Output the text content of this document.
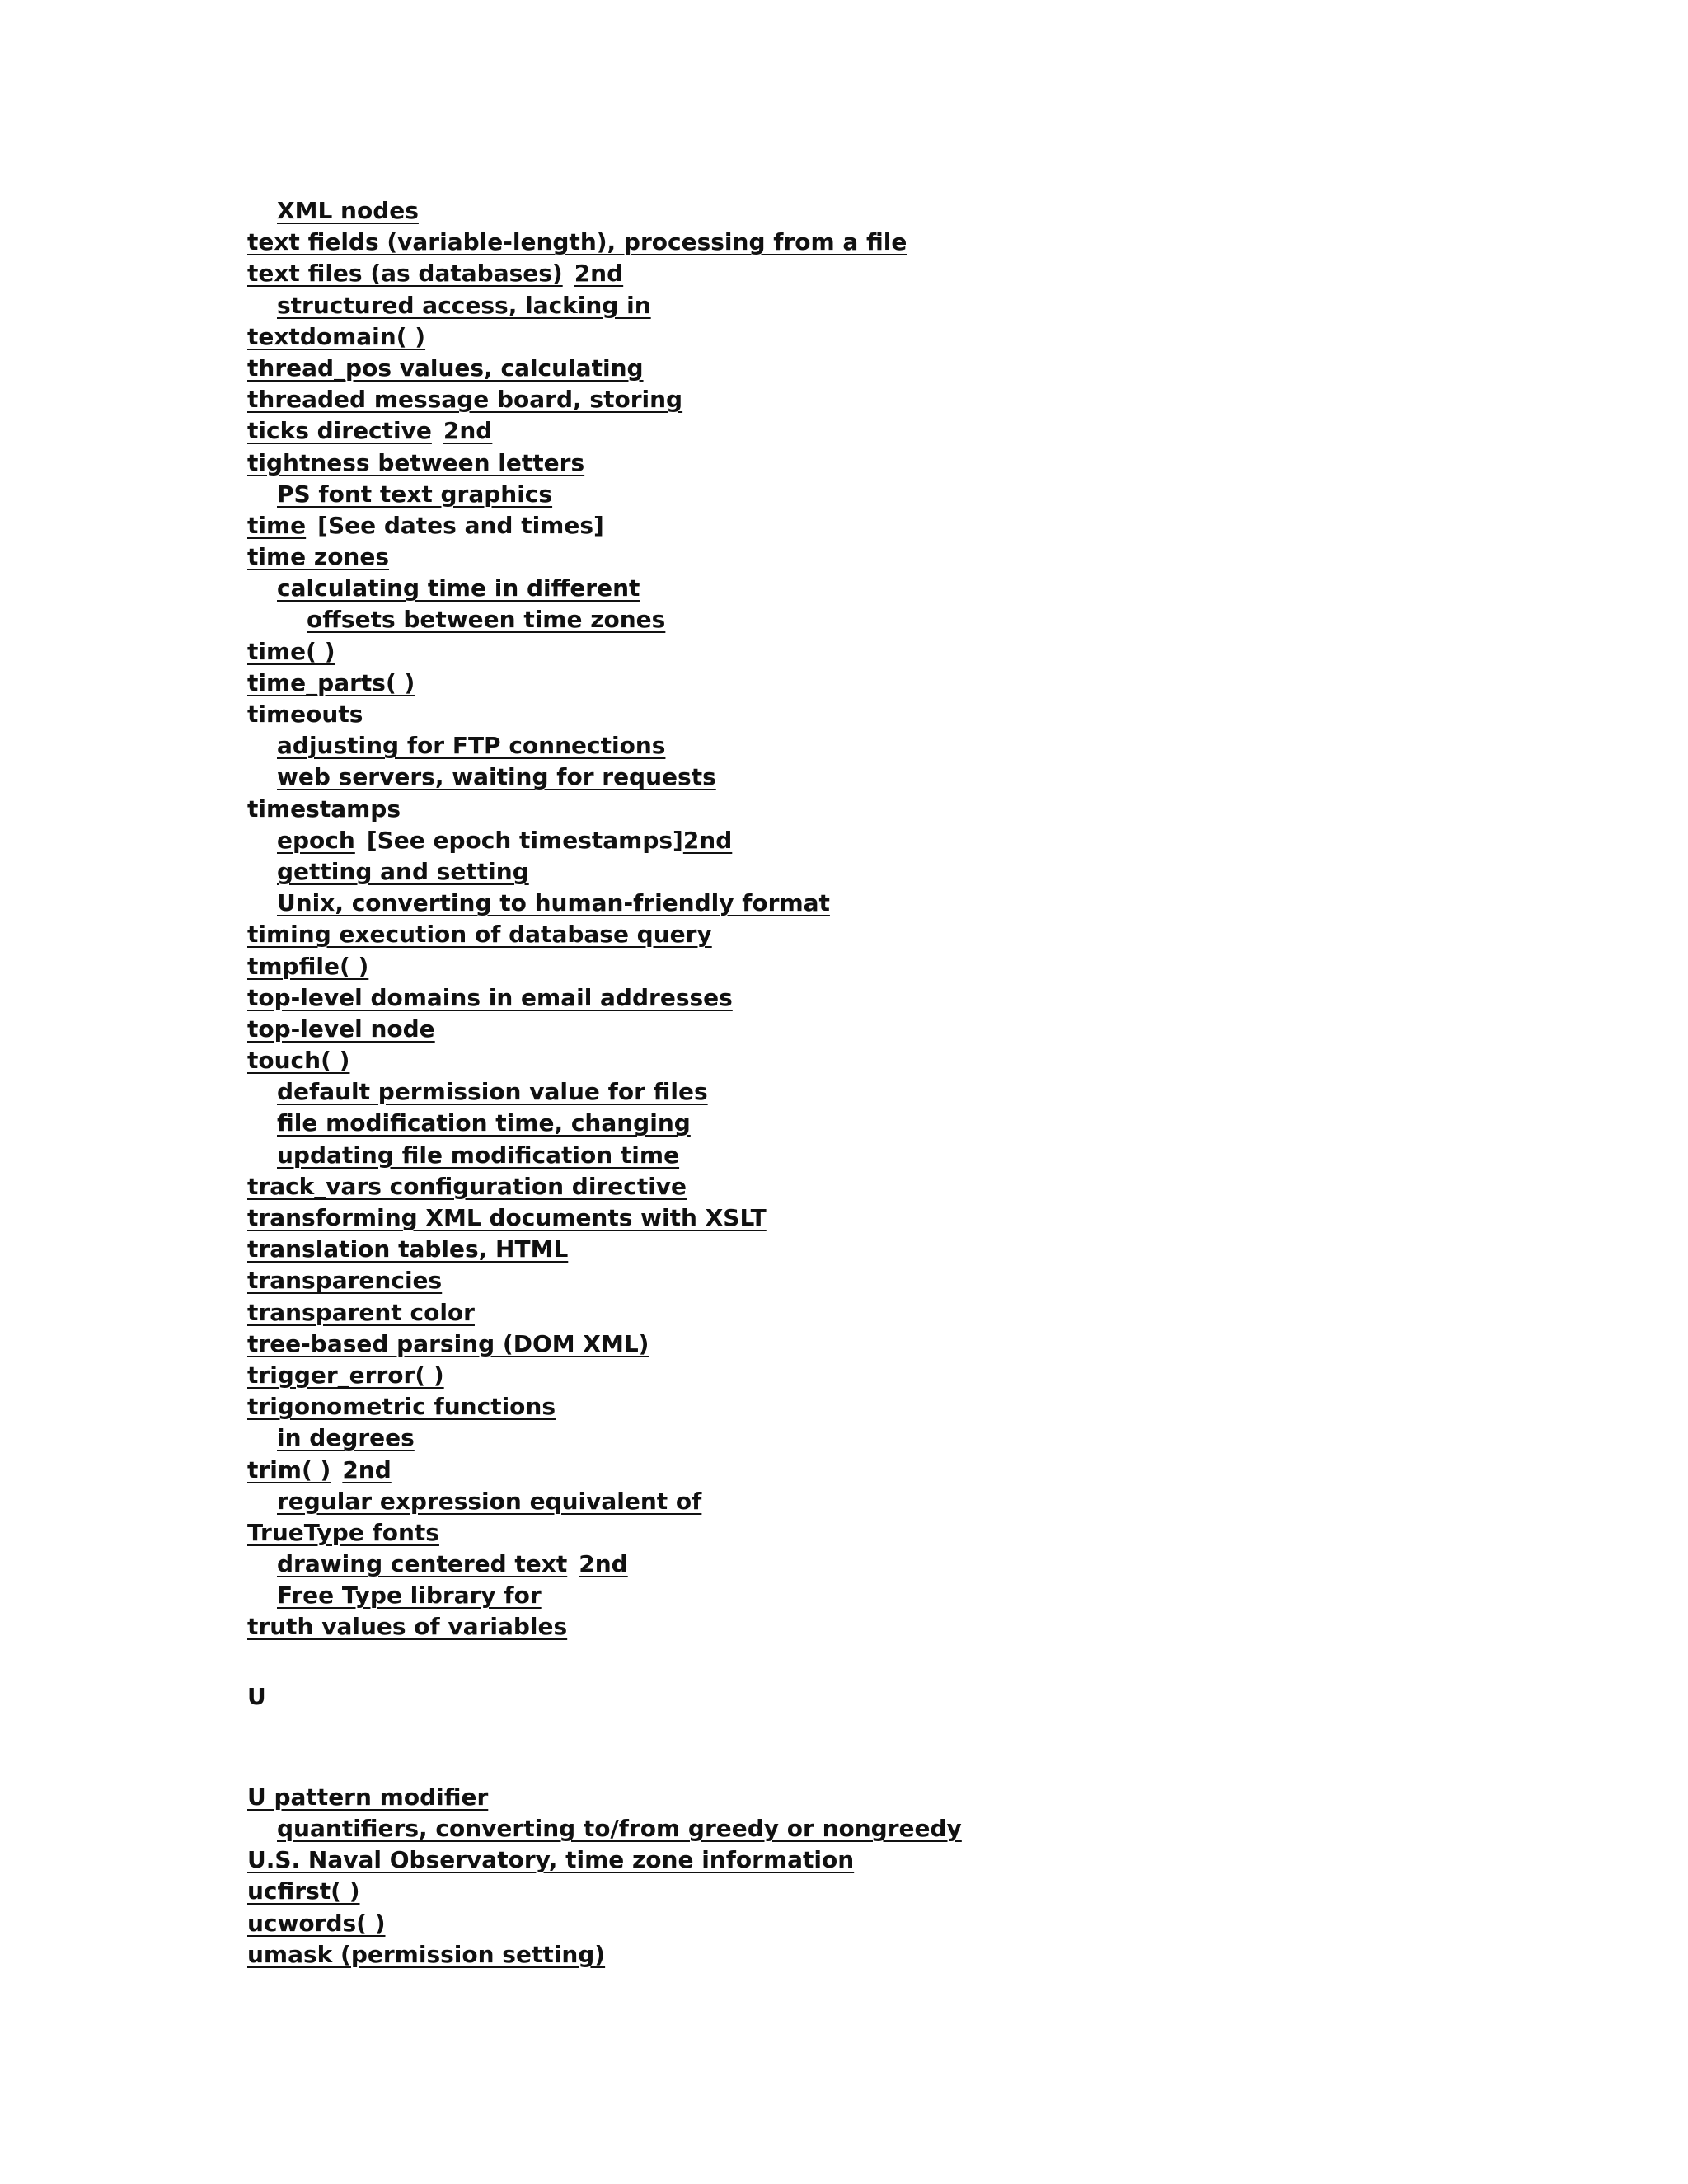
XML nodes
text fields (variable-length), processing from a file
text files (as databases) 2nd
structured access, lacking in
textdomain( )
thread_pos values, calculating
threaded message board, storing
ticks directive 2nd
tightness between letters
PS font text graphics
time [See dates and times]
time zones
calculating time in different
offsets between time zones
time( )
time_parts( )
timeouts
adjusting for FTP connections
web servers, waiting for requests
timestamps
epoch [See epoch timestamps]2nd
getting and setting
Unix, converting to human-friendly format
timing execution of database query
tmpfile( )
top-level domains in email addresses
top-level node
touch( )
default permission value for files
file modification time, changing
updating file modification time
track_vars configuration directive
transforming XML documents with XSLT
translation tables, HTML
transparencies
transparent color
tree-based parsing (DOM XML)
trigger_error( )
trigonometric functions
in degrees
trim( ) 2nd
regular expression equivalent of
TrueType fonts
drawing centered text 2nd
Free Type library for
truth values of variables
U
U pattern modifier
quantifiers, converting to/from greedy or nongreedy
U.S. Naval Observatory, time zone information
ucfirst( )
ucwords( )
umask (permission setting)
